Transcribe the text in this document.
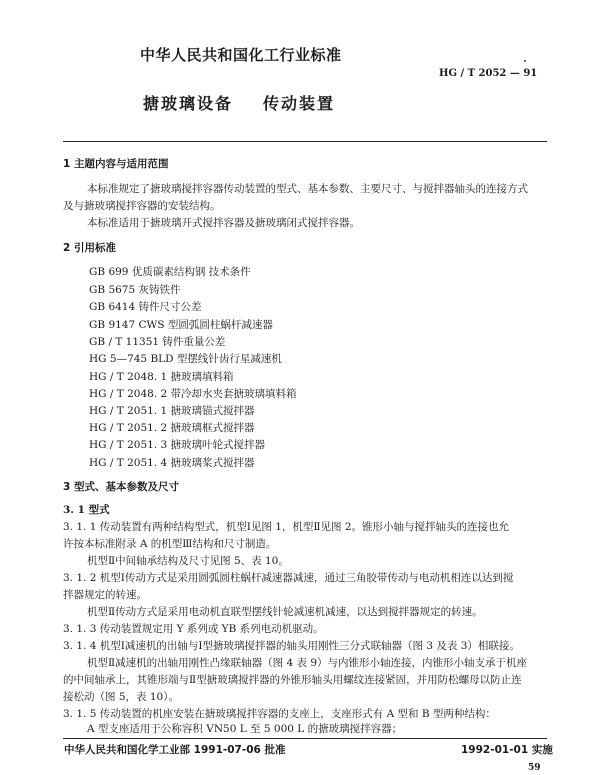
中华人民共和国化工行业标准
HG / T 2052 — 91
搪玻璃设备 传动装置
1 主题内容与适用范围
本标准规定了搪玻璃搅拌容器传动装置的型式、基本参数、主要尺寸、与搅拌器轴头的连接方式
及与搪玻璃搅拌容器的安装结构。
本标准适用于搪玻璃开式搅拌容器及搪玻璃闭式搅拌容器。
2 引用标准
GB 699 优质碳素结构钢 技术条件
GB 5675 灰铸铁件
GB 6414 铸件尺寸公差
GB 9147 CWS 型圆弧圆柱蜗杆减速器
GB / T 11351 铸件重量公差
HG 5—745 BLD 型摆线针齿行星减速机
HG / T 2048. 1 搪玻璃填料箱
HG / T 2048. 2 带冷却水夹套搪玻璃填料箱
HG / T 2051. 1 搪玻璃锚式搅拌器
HG / T 2051. 2 搪玻璃框式搅拌器
HG / T 2051. 3 搪玻璃叶轮式搅拌器
HG / T 2051. 4 搪玻璃桨式搅拌器
3 型式、基本参数及尺寸
3. 1 型式
3. 1. 1 传动装置有两种结构型式，机型Ⅰ见图 1，机型Ⅱ见图 2。锥形小轴与搅拌轴头的连接也允
许按本标准附录 A 的机型Ⅲ结构和尺寸制造。
机型Ⅱ中间轴承结构及尺寸见图 5、表 10。
3. 1. 2 机型Ⅰ传动方式是采用圆弧圆柱蜗杆减速器减速，通过三角胶带传动与电动机相连以达到搅
拌器规定的转速。
机型Ⅱ传动方式是采用电动机直联型摆线针轮减速机减速，以达到搅拌器规定的转速。
3. 1. 3 传动装置规定用 Y 系列或 YB 系列电动机驱动。
3. 1. 4 机型Ⅰ减速机的出轴与Ⅰ型搪玻璃搅拌器的轴头用刚性三分式联轴器（图 3 及表 3）相联接。
机型Ⅱ减速机的出轴用刚性凸缘联轴器（图 4 表 9）与内锥形小轴连接，内锥形小轴支承于机座
的中间轴承上，其锥形端与Ⅱ型搪玻璃搅拌器的外锥形轴头用螺纹连接紧固，并用防松螺母以防止连
接松动（图 5，表 10）。
3. 1. 5 传动装置的机座安装在搪玻璃搅拌容器的支座上，支座形式有 A 型和 B 型两种结构：
A 型支座适用于公称容积 VN50 L 至 5 000 L 的搪玻璃搅拌容器；
中华人民共和国化学工业部 1991-07-06 批准	1992-01-01 实施
59
